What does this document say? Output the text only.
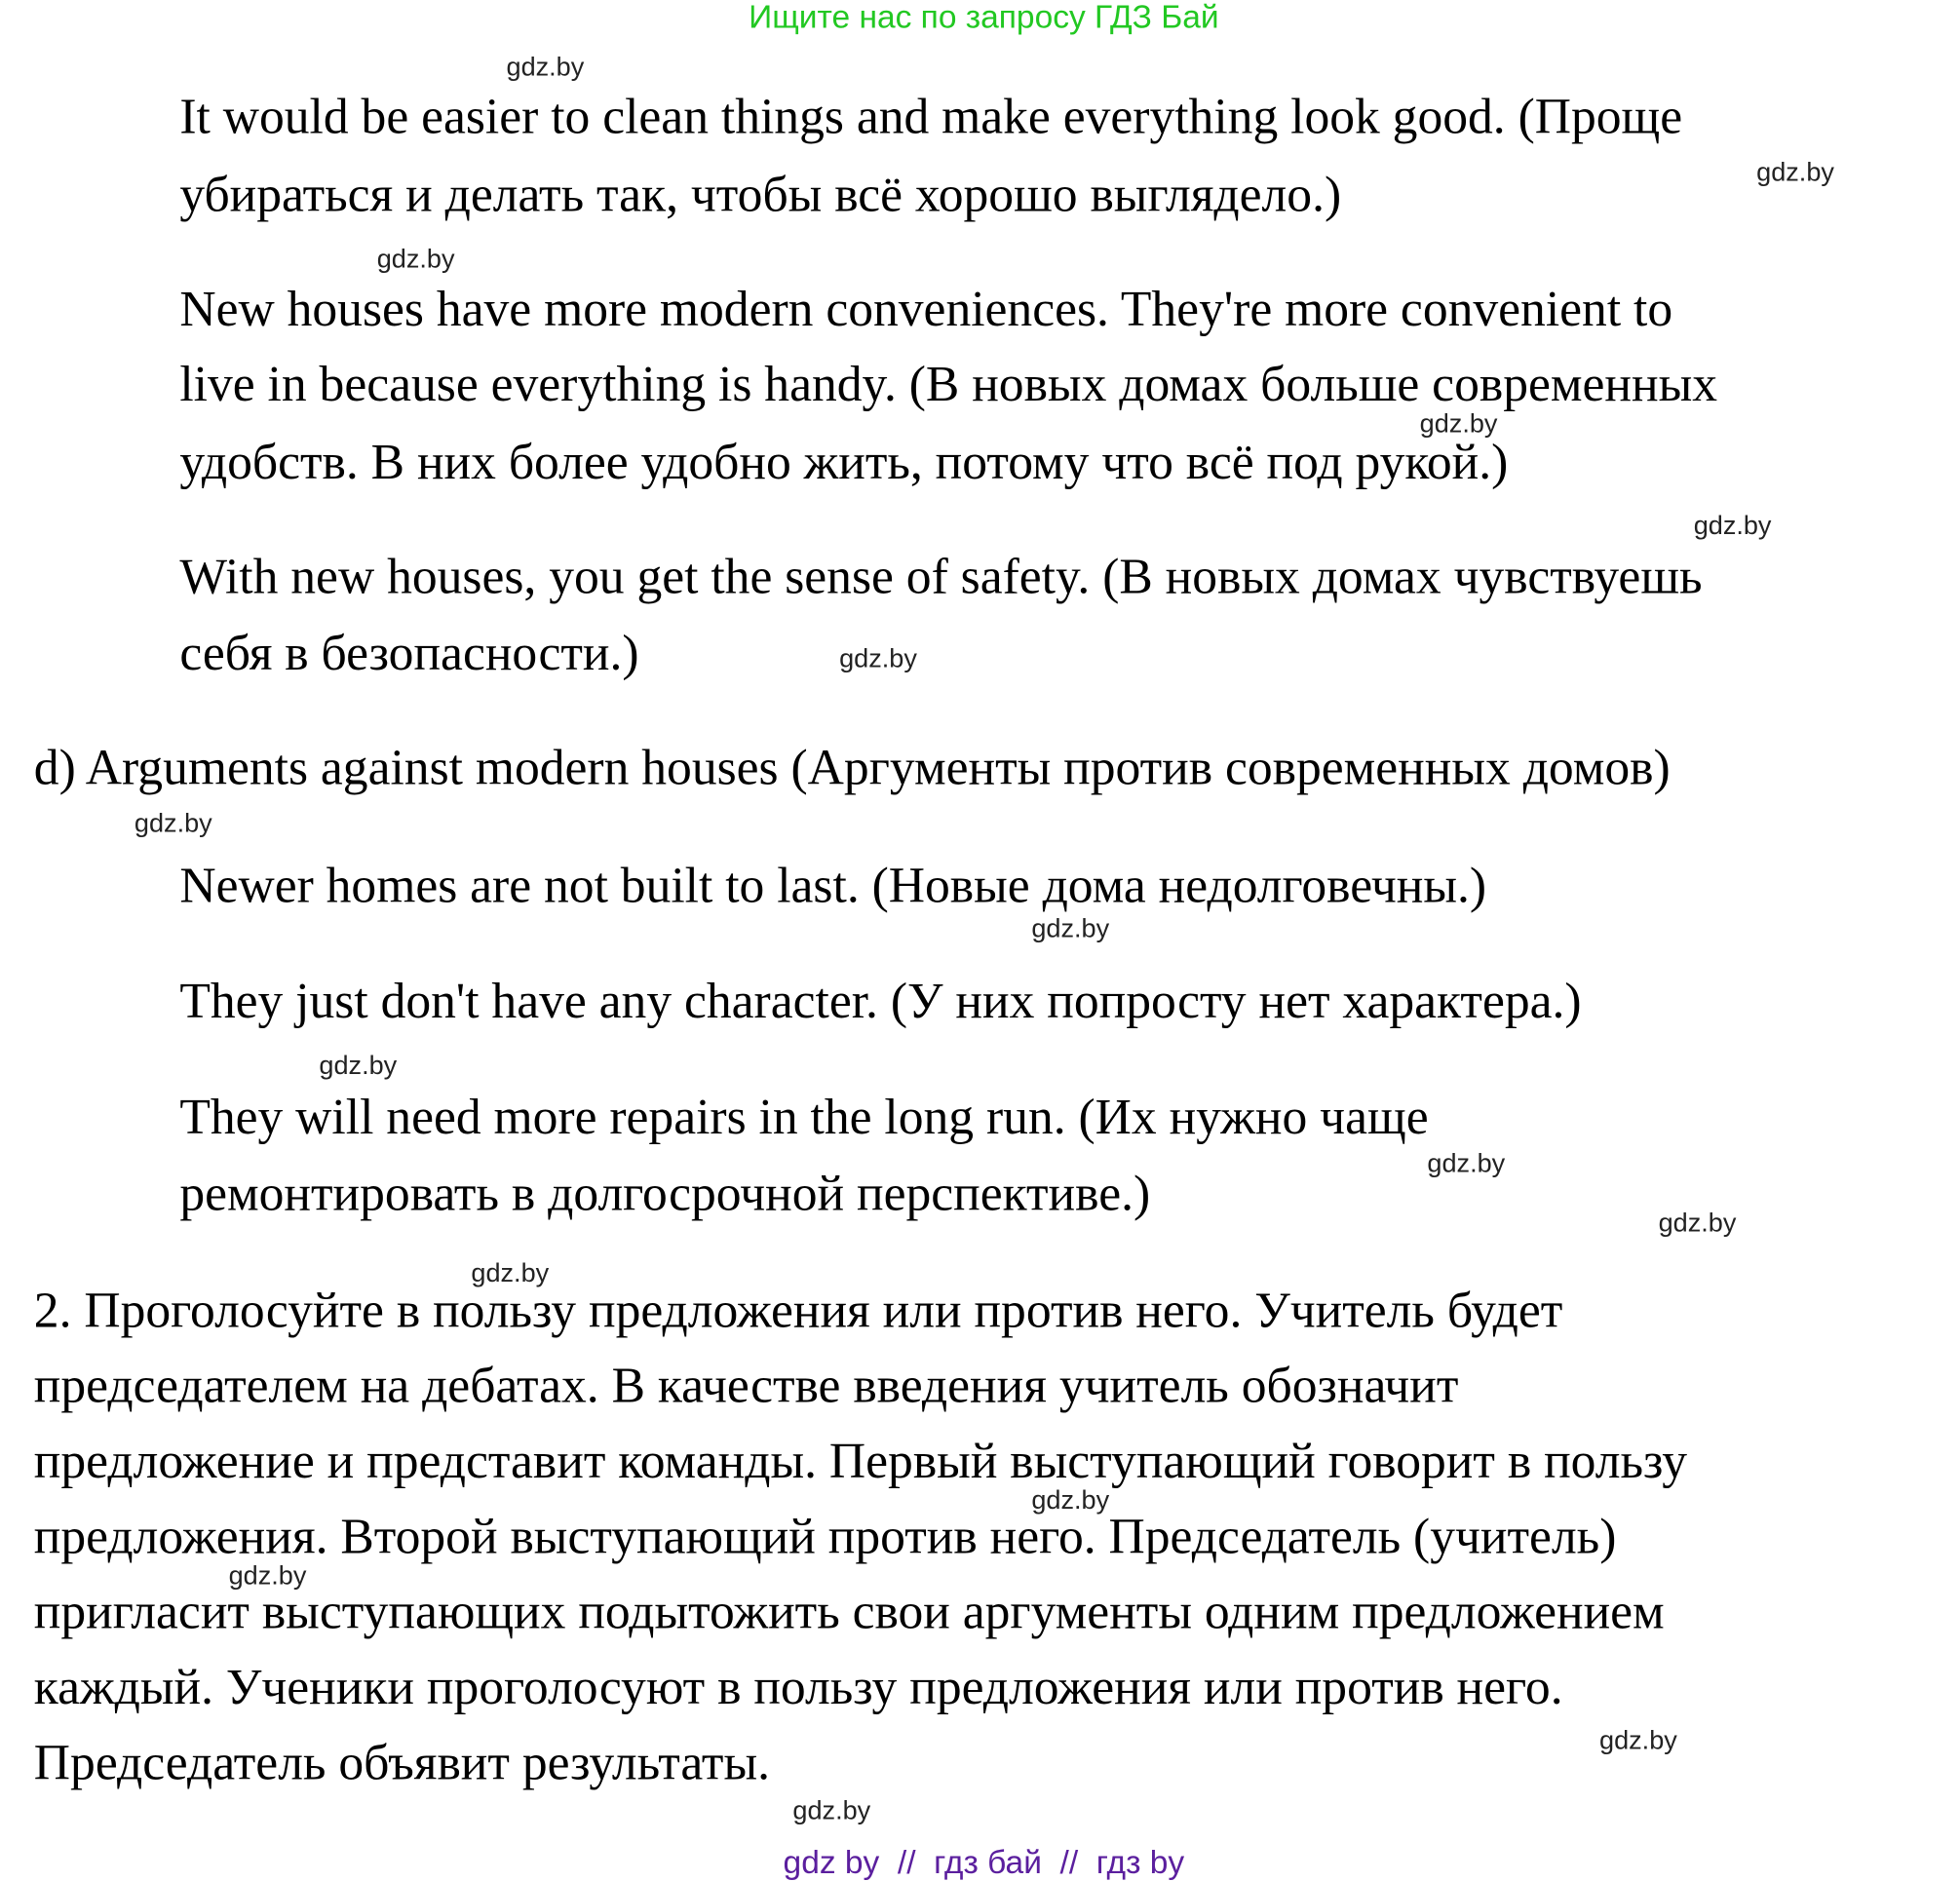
Ищите нас по запросу ГДЗ Бай
It would be easier to clean things and make everything look good. (Проще
убираться и делать так, чтобы всё хорошо выглядело.)
New houses have more modern conveniences. They're more convenient to
live in because everything is handy. (В новых домах больше современных
удобств. В них более удобно жить, потому что всё под рукой.)
With new houses, you get the sense of safety. (В новых домах чувствуешь
себя в безопасности.)
d) Arguments against modern houses (Аргументы против современных домов)
Newer homes are not built to last. (Новые дома недолговечны.)
They just don't have any character. (У них попросту нет характера.)
They will need more repairs in the long run. (Их нужно чаще
ремонтировать в долгосрочной перспективе.)
2. Проголосуйте в пользу предложения или против него. Учитель будет
председателем на дебатах. В качестве введения учитель обозначит
предложение и представит команды. Первый выступающий говорит в пользу
предложения. Второй выступающий против него. Председатель (учитель)
пригласит выступающих подытожить свои аргументы одним предложением
каждый. Ученики проголосуют в пользу предложения или против него.
Председатель объявит результаты.
gdz.by
gdz.by
gdz.by
gdz.by
gdz.by
gdz.by
gdz.by
gdz.by
gdz.by
gdz.by
gdz.by
gdz.by
gdz.by
gdz.by
gdz.by
gdz.by
gdz by  //  гдз бай  //  гдз by
